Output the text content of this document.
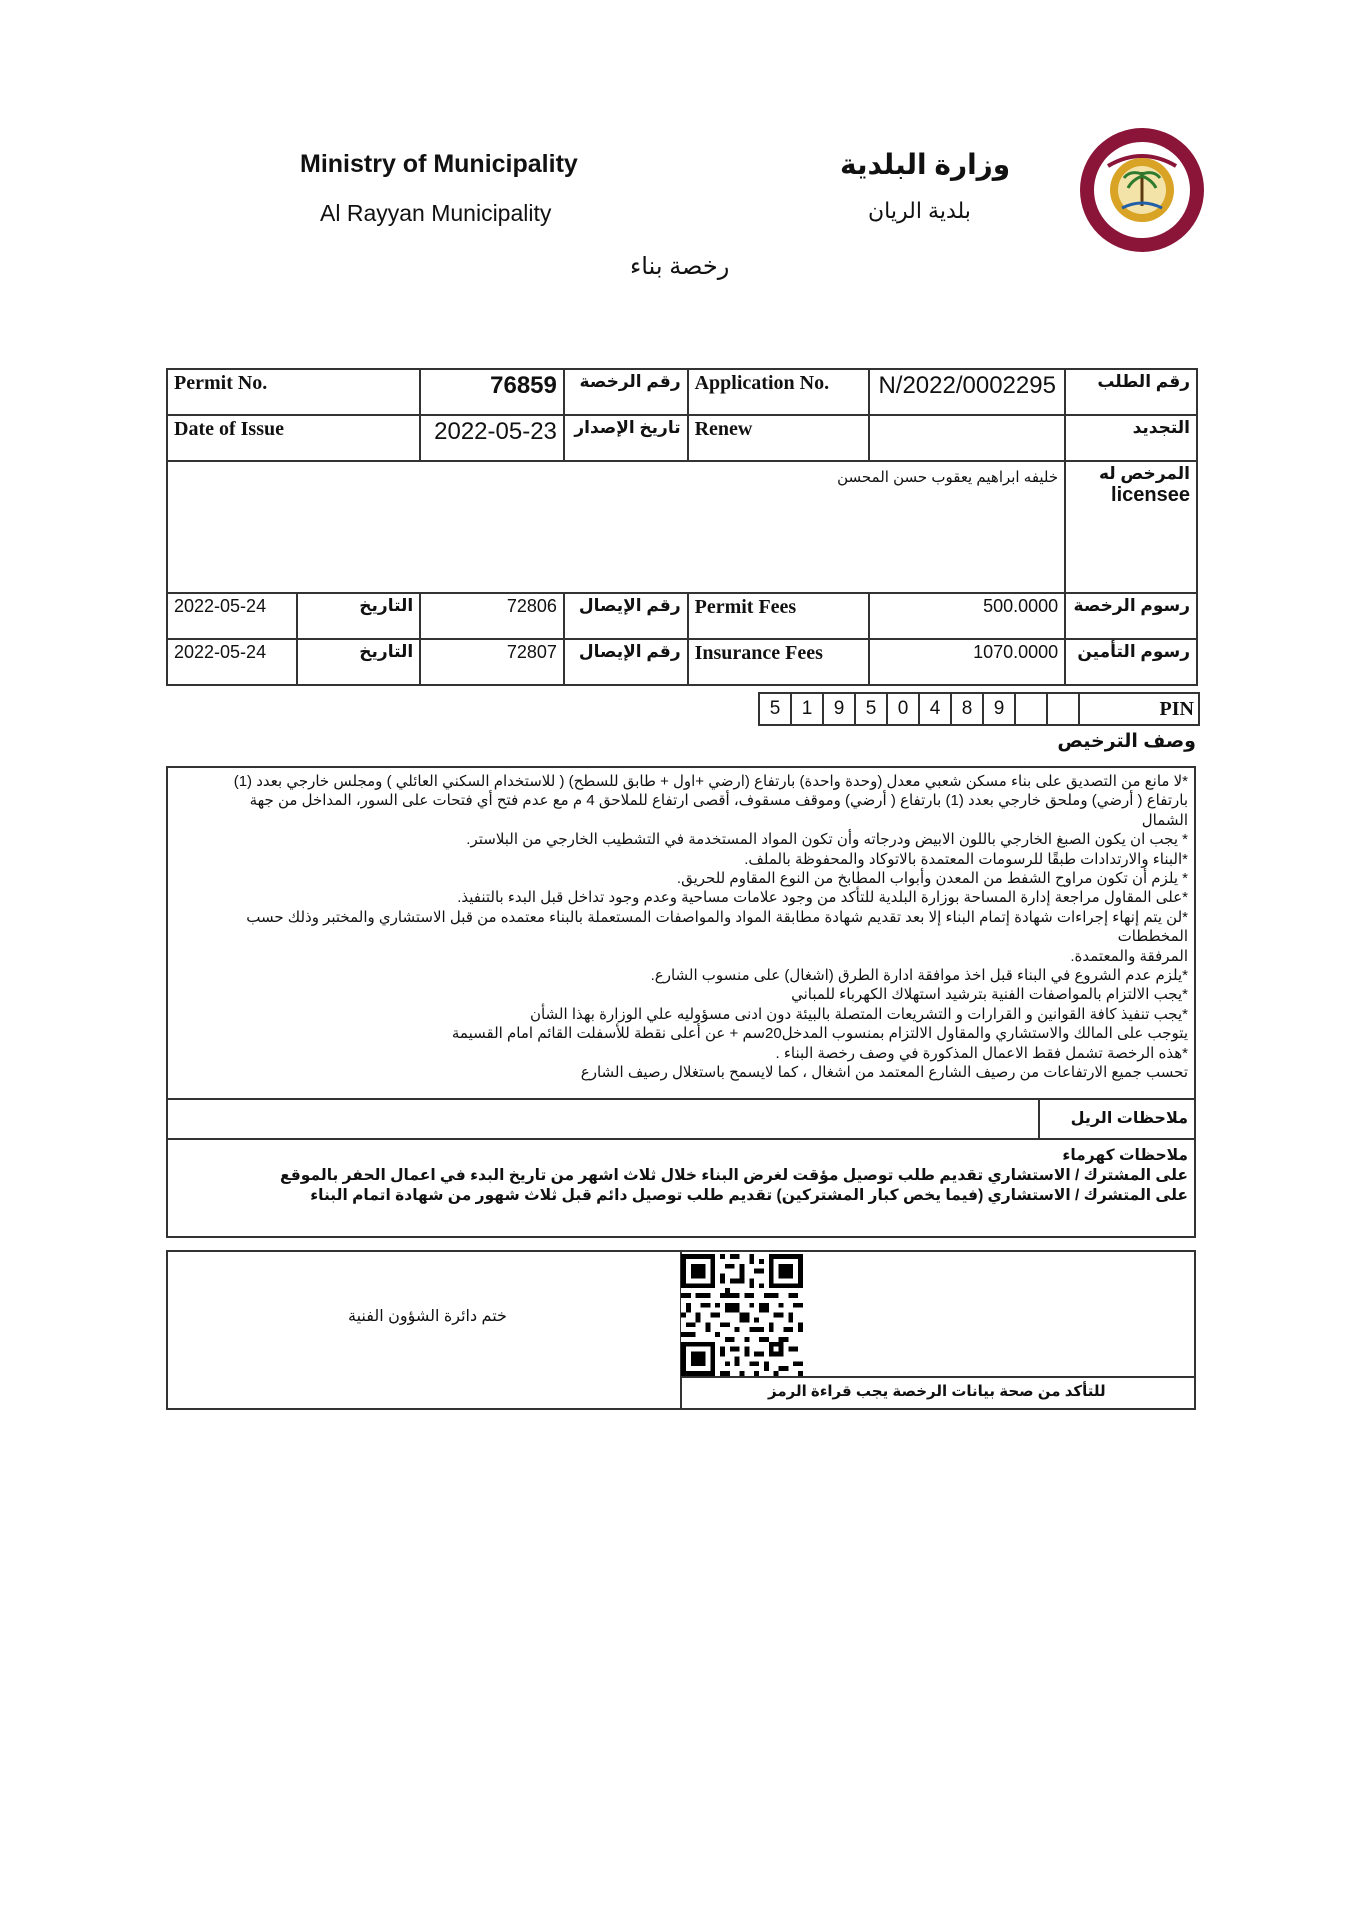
Ministry of Municipality
Al Rayyan Municipality
وزارة البلدية
بلدية الريان
رخصة بناء
Permit No.		76859	رقم الرخصة	Application No.	N/2022/0002295	رقم الطلب
Date of Issue		2022-05-23	تاريخ الإصدار	Renew		التجديد
خليفه ابراهيم يعقوب حسن المحسن						المرخص له
licensee

2022-05-24	التاريخ	72806	رقم الإيصال	Permit Fees	500.0000	رسوم الرخصة
2022-05-24	التاريخ	72807	رقم الإيصال	Insurance Fees	1070.0000	رسوم التأمين
5	1	9	5	0	4	8	9			PIN
وصف الترخيص
*لا مانع من التصديق على بناء مسكن شعبي معدل (وحدة واحدة) بارتفاع (ارضي +اول + طابق للسطح) ( للاستخدام السكني العائلي ) ومجلس خارجي بعدد (1)
بارتفاع ( أرضي) وملحق خارجي بعدد (1) بارتفاع ( أرضي) وموقف مسقوف، أقصى ارتفاع للملاحق 4 م مع عدم فتح أي فتحات على السور، المداخل من جهة
الشمال
* يجب ان يكون الصبغ الخارجي باللون الابيض ودرجاته وأن تكون المواد المستخدمة في التشطيب الخارجي من البلاستر.
*البناء والارتدادات طبقًا للرسومات المعتمدة بالاتوكاد والمحفوظة بالملف.
* يلزم أن تكون مراوح الشفط من المعدن وأبواب المطابخ من النوع المقاوم للحريق.
*على المقاول مراجعة إدارة المساحة بوزارة البلدية للتأكد من وجود علامات مساحية وعدم وجود تداخل قبل البدء بالتنفيذ.
*لن يتم إنهاء إجراءات شهادة إتمام البناء إلا بعد تقديم شهادة مطابقة المواد والمواصفات المستعملة بالبناء معتمده من قبل الاستشاري والمختبر وذلك حسب المخططات
المرفقة والمعتمدة.
*يلزم عدم الشروع في البناء قبل اخذ موافقة ادارة الطرق (اشغال) على منسوب الشارع.
*يجب الالتزام بالمواصفات الفنية بترشيد استهلاك الكهرباء للمباني
*يجب تنفيذ كافة القوانين و القرارات و التشريعات المتصلة بالبيئة دون ادنى مسؤوليه علي الوزارة بهذا الشأن
يتوجب على المالك والاستشاري والمقاول الالتزام بمنسوب المدخل20سم + عن أعلى نقطة للأسفلت القائم امام القسيمة
*هذه الرخصة تشمل فقط الاعمال المذكورة في وصف رخصة البناء .
تحسب جميع الارتفاعات من رصيف الشارع المعتمد من اشغال ، كما لايسمح باستغلال رصيف الشارع
ملاحظات الريل
ملاحظات كهرماء
على المشترك / الاستشاري تقديم طلب توصيل مؤقت لغرض البناء خلال ثلاث اشهر من تاريخ البدء في اعمال الحفر بالموقع
على المتشرك / الاستشاري (فيما يخص كبار المشتركين) تقديم طلب توصيل دائم قبل ثلاث شهور من شهادة اتمام البناء
ختم دائرة الشؤون الفنية
للتأكد من صحة بيانات الرخصة يجب قراءة الرمز
